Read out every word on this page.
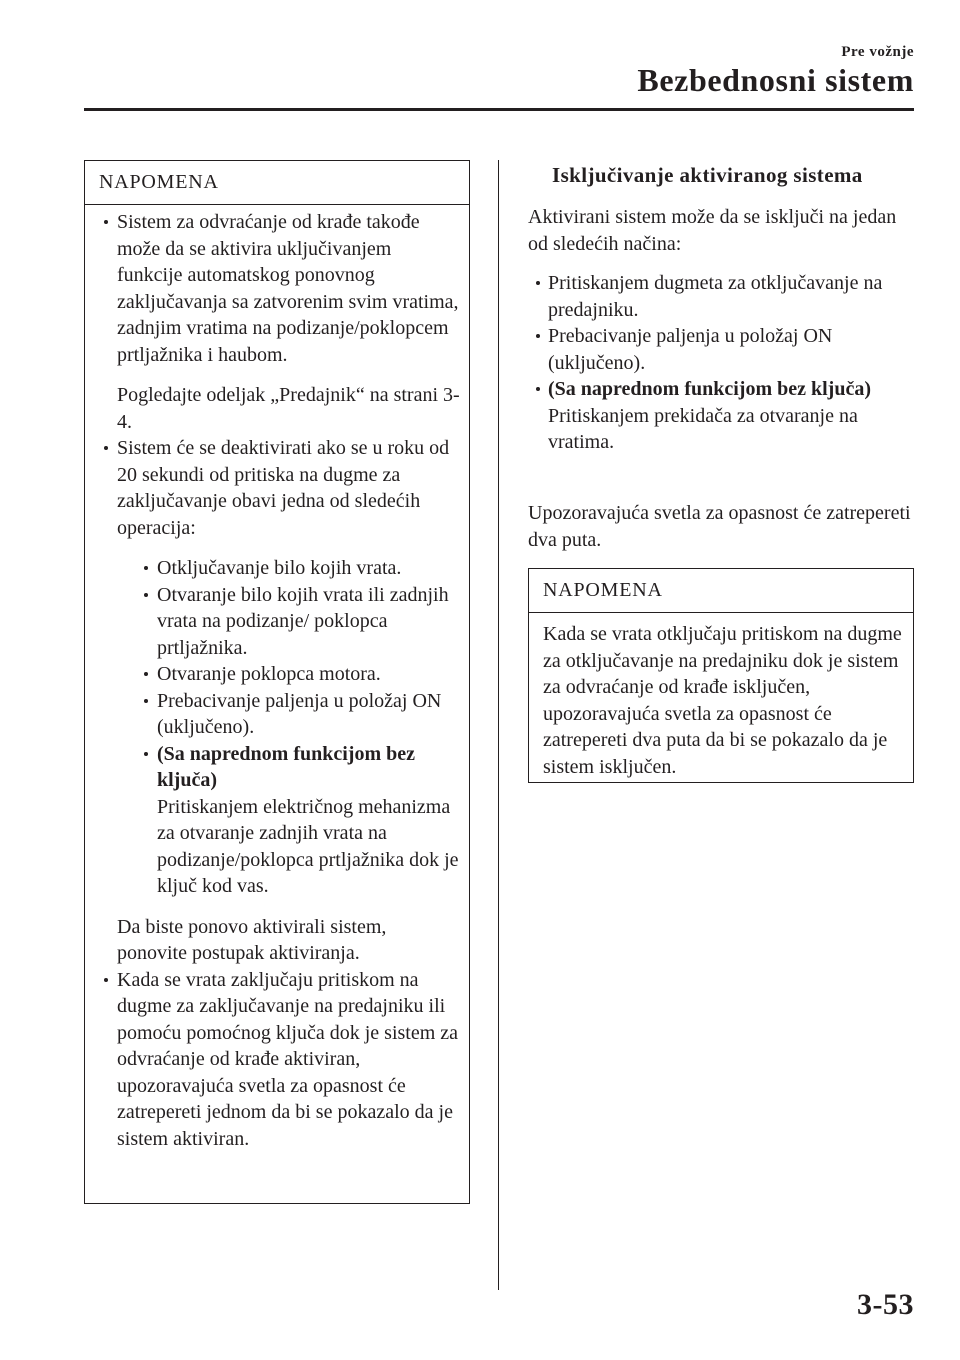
Pre vožnje
Bezbednosni sistem
NAPOMENA
Sistem za odvraćanje od krađe takođe može da se aktivira uključivanjem funkcije automatskog ponovnog zaključavanja sa zatvorenim svim vratima, zadnjim vratima na podizanje/poklopcem prtljažnika i haubom.
Pogledajte odeljak „Predajnik“ na strani 3-4.
Sistem će se deaktivirati ako se u roku od 20 sekundi od pritiska na dugme za zaključavanje obavi jedna od sledećih operacija:
Otključavanje bilo kojih vrata.
Otvaranje bilo kojih vrata ili zadnjih vrata na podizanje/ poklopca prtljažnika.
Otvaranje poklopca motora.
Prebacivanje paljenja u položaj ON (uključeno).
(Sa naprednom funkcijom bez ključa)
Pritiskanjem električnog mehanizma za otvaranje zadnjih vrata na podizanje/poklopca prtljažnika dok je ključ kod vas.
Da biste ponovo aktivirali sistem, ponovite postupak aktiviranja.
Kada se vrata zaključaju pritiskom na dugme za zaključavanje na predajniku ili pomoću pomoćnog ključa dok je sistem za odvraćanje od krađe aktiviran, upozoravajuća svetla za opasnost će zatrepereti jednom da bi se pokazalo da je sistem aktiviran.
Isključivanje aktiviranog sistema
Aktivirani sistem može da se isključi na jedan od sledećih načina:
Pritiskanjem dugmeta za otključavanje na predajniku.
Prebacivanje paljenja u položaj ON (uključeno).
(Sa naprednom funkcijom bez ključa)
Pritiskanjem prekidača za otvaranje na vratima.
Upozoravajuća svetla za opasnost će zatrepereti dva puta.
NAPOMENA
Kada se vrata otključaju pritiskom na dugme za otključavanje na predajniku dok je sistem za odvraćanje od krađe isključen, upozoravajuća svetla za opasnost će zatrepereti dva puta da bi se pokazalo da je sistem isključen.
3-53
